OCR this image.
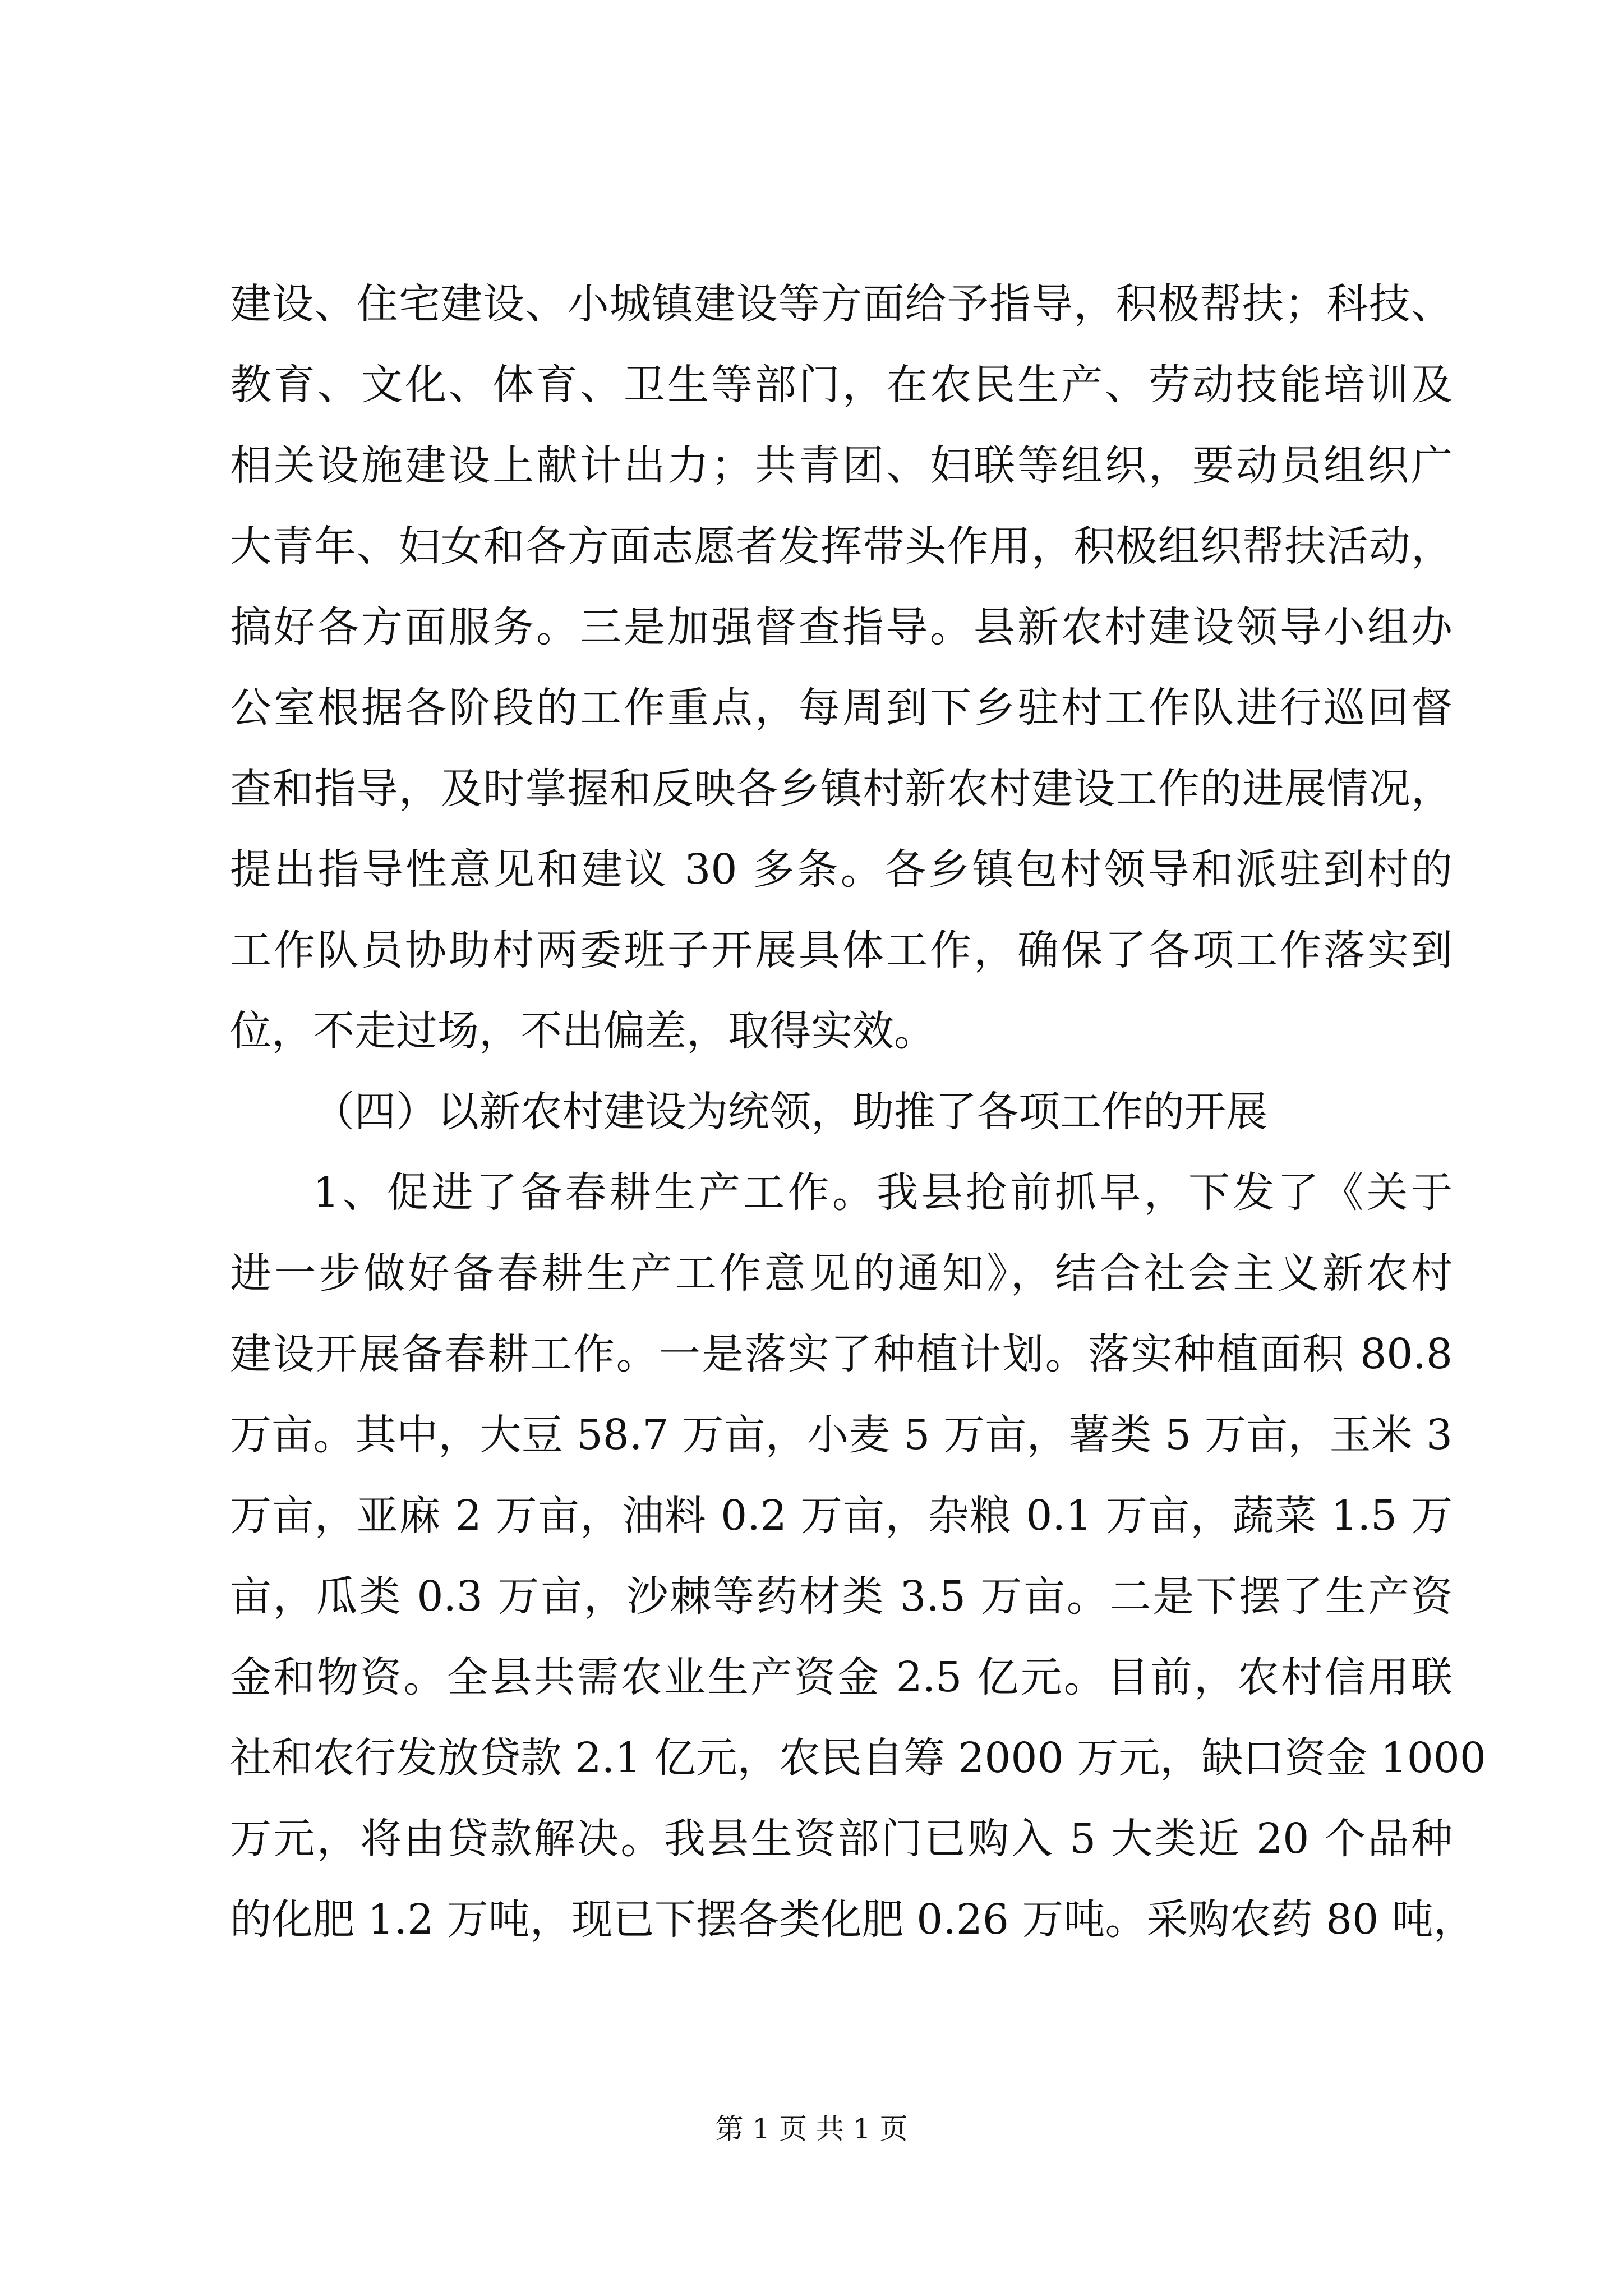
建设、住宅建设、小城镇建设等方面给予指导，积极帮扶；科技、
教育、文化、体育、卫生等部门，在农民生产、劳动技能培训及
相关设施建设上献计出力；共青团、妇联等组织，要动员组织广
大青年、妇女和各方面志愿者发挥带头作用，积极组织帮扶活动，
搞好各方面服务。三是加强督查指导。县新农村建设领导小组办
公室根据各阶段的工作重点，每周到下乡驻村工作队进行巡回督
查和指导，及时掌握和反映各乡镇村新农村建设工作的进展情况，
提出指导性意见和建议 30 多条。各乡镇包村领导和派驻到村的
工作队员协助村两委班子开展具体工作，确保了各项工作落实到
位，不走过场，不出偏差，取得实效。
（四）以新农村建设为统领，助推了各项工作的开展
1、促进了备春耕生产工作。我县抢前抓早，下发了《关于
进一步做好备春耕生产工作意见的通知》，结合社会主义新农村
建设开展备春耕工作。一是落实了种植计划。落实种植面积 80.8
万亩。其中，大豆 58.7 万亩，小麦 5 万亩，薯类 5 万亩，玉米 3
万亩，亚麻 2 万亩，油料 0.2 万亩，杂粮 0.1 万亩，蔬菜 1.5 万
亩，瓜类 0.3 万亩，沙棘等药材类 3.5 万亩。二是下摆了生产资
金和物资。全县共需农业生产资金 2.5 亿元。目前，农村信用联
社和农行发放贷款 2.1 亿元，农民自筹 2000 万元，缺口资金 1000
万元，将由贷款解决。我县生资部门已购入 5 大类近 20 个品种
的化肥 1.2 万吨，现已下摆各类化肥 0.26 万吨。采购农药 80 吨，
第 1 页 共 1 页
